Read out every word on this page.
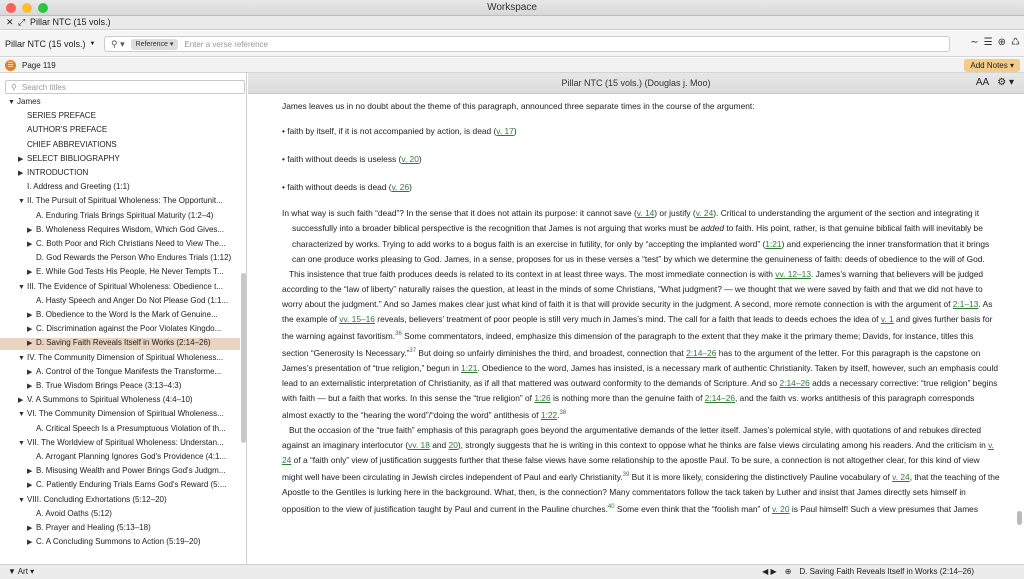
Workspace
✕ ⤢ Pillar NTC (15 vols.)
Pillar NTC (15 vols.) ▼ ⚲ ▾	Reference ▾
Enter a verse reference	∼ ☰ ⊕ ♺
☰ Page 119	Add Notes ▾
⚲ Search titles
▼ James
SERIES PREFACE
AUTHOR'S PREFACE
CHIEF ABBREVIATIONS
▶ SELECT BIBLIOGRAPHY
▶ INTRODUCTION
I. Address and Greeting (1:1)
▼ II. The Pursuit of Spiritual Wholeness: The Opportunit...
A. Enduring Trials Brings Spiritual Maturity (1:2–4)
▶ B. Wholeness Requires Wisdom, Which God Gives...
▶ C. Both Poor and Rich Christians Need to View The...
D. God Rewards the Person Who Endures Trials (1:12)
▶ E. While God Tests His People, He Never Tempts T...
▼ III. The Evidence of Spiritual Wholeness: Obedience t...
A. Hasty Speech and Anger Do Not Please God (1:1...
▶ B. Obedience to the Word Is the Mark of Genuine...
▶ C. Discrimination against the Poor Violates Kingdo...
▶ D. Saving Faith Reveals Itself in Works (2:14–26)
▼ IV. The Community Dimension of Spiritual Wholeness...
▶ A. Control of the Tongue Manifests the Transforme...
▶ B. True Wisdom Brings Peace (3:13–4:3)
▶ V. A Summons to Spiritual Wholeness (4:4–10)
▼ VI. The Community Dimension of Spiritual Wholeness...
A. Critical Speech Is a Presumptuous Violation of th...
▼ VII. The Worldview of Spiritual Wholeness: Understan...
A. Arrogant Planning Ignores God's Providence (4:1...
▶ B. Misusing Wealth and Power Brings God's Judgm...
▶ C. Patiently Enduring Trials Earns God's Reward (5:...
▼ VIII. Concluding Exhortations (5:12–20)
A. Avoid Oaths (5:12)
▶ B. Prayer and Healing (5:13–18)
▶ C. A Concluding Summons to Action (5:19–20)
Pillar NTC (15 vols.) (Douglas j. Moo)	AA ⚙ ▾

James leaves us in no doubt about the theme of this paragraph, announced three separate times in the course of the argument:

• faith by itself, if it is not accompanied by action, is dead (v. 17)

• faith without deeds is useless (v. 20)

• faith without deeds is dead (v. 26)

In what way is such faith “dead”? In the sense that it does not attain its purpose: it cannot save (v. 14) or justify (v. 24). Critical to understanding the argument of the section and integrating it successfully into a broader biblical perspective is the recognition that James is not arguing that works must be added to faith. His point, rather, is that genuine biblical faith will inevitably be characterized by works. Trying to add works to a bogus faith is an exercise in futility, for only by “accepting the implanted word” (1:21) and experiencing the inner transformation that it brings can one produce works pleasing to God. James, in a sense, proposes for us in these verses a “test” by which we determine the genuineness of faith: deeds of obedience to the will of God.

This insistence that true faith produces deeds is related to its context in at least three ways. The most immediate connection is with vv. 12–13. James’s warning that believers will be judged according to the “law of liberty” naturally raises the question, at least in the minds of some Christians, “What judgment? — we thought that we were saved by faith and that we did not have to worry about the judgment.” And so James makes clear just what kind of faith it is that will provide security in the judgment. A second, more remote connection is with the argument of 2:1–13. As the example of vv. 15–16 reveals, believers’ treatment of poor people is still very much in James’s mind. The call for a faith that leads to deeds echoes the idea of v. 1 and gives further basis for the warning against favoritism.$^{36}$ Some commentators, indeed, emphasize this dimension of the paragraph to the extent that they make it the primary theme; Davids, for instance, titles this section “Generosity Is Necessary.”$^{37}$ But doing so unfairly diminishes the third, and broadest, connection that 2:14–26 has to the argument of the letter. For this paragraph is the capstone on James’s presentation of “true religion,” begun in 1:21. Obedience to the word, James has insisted, is a necessary mark of authentic Christianity. Taken by itself, however, such an emphasis could lead to an externalistic interpretation of Christianity, as if all that mattered was outward conformity to the demands of Scripture. And so 2:14–26 adds a necessary corrective: “true religion” begins with faith — but a faith that works. In this sense the “true religion” of 1:26 is nothing more than the genuine faith of 2:14–26, and the faith vs. works antithesis of this paragraph corresponds almost exactly to the “hearing the word”/“doing the word” antithesis of 1:22.38

But the occasion of the “true faith” emphasis of this paragraph goes beyond the argumentative demands of the letter itself. James’s polemical style, with quotations of and rebukes directed against an imaginary interlocutor (vv. 18 and 20), strongly suggests that he is writing in this context to oppose what he thinks are false views circulating among his readers. And the criticism in v. 24 of a “faith only” view of justification suggests further that these false views have some relationship to the apostle Paul. To be sure, a connection is not altogether clear, for this kind of view might well have been circulating in Jewish circles independent of Paul and early Christianity.$^{39}$ But it is more likely, considering the distinctively Pauline vocabulary of v. 24, that the teaching of the Apostle to the Gentiles is lurking here in the background. What, then, is the connection? Many commentators follow the tack taken by Luther and insist that James directly sets himself in opposition to the view of justification taught by Paul and current in the Pauline churches.$^{40}$ Some even think that the “foolish man” of v. 20 is Paul himself! Such a view presumes that James

▼ Art ▾	◀ ▶ ⊕ D. Saving Faith Reveals Itself in Works (2:14–26)
